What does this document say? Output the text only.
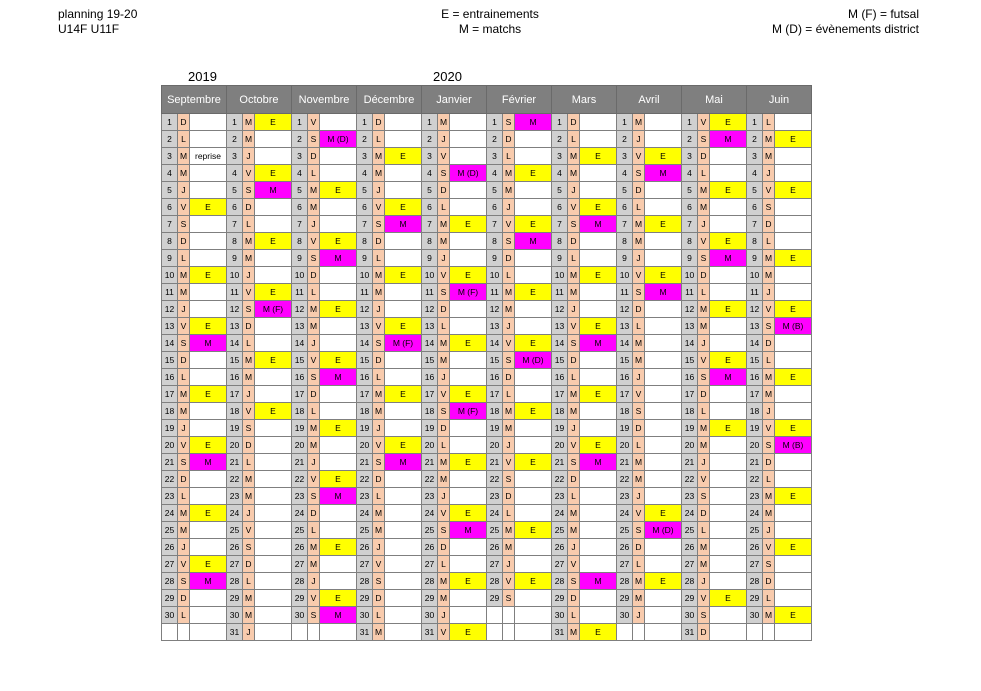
planning 19-20
U14F U11F
E = entrainements
M = matchs
M (F) = futsal
M (D) = évènements district
2019	2020
Septembre			Octobre			Novembre			Décembre			Janvier			Février			Mars			Avril			Mai			Juin		
1	D		1	M	E	1	V		1	D		1	M		1	S	M	1	D		1	M		1	V	E	1	L	
2	L		2	M		2	S	M (D)	2	L		2	J		2	D		2	L		2	J		2	S	M	2	M	E
3	M	reprise	3	J		3	D		3	M	E	3	V		3	L		3	M	E	3	V	E	3	D		3	M	
4	M		4	V	E	4	L		4	M		4	S	M (D)	4	M	E	4	M		4	S	M	4	L		4	J	
5	J		5	S	M	5	M	E	5	J		5	D		5	M		5	J		5	D		5	M	E	5	V	E
6	V	E	6	D		6	M		6	V	E	6	L		6	J		6	V	E	6	L		6	M		6	S	
7	S		7	L		7	J		7	S	M	7	M	E	7	V	E	7	S	M	7	M	E	7	J		7	D	
8	D		8	M	E	8	V	E	8	D		8	M		8	S	M	8	D		8	M		8	V	E	8	L	
9	L		9	M		9	S	M	9	L		9	J		9	D		9	L		9	J		9	S	M	9	M	E
10	M	E	10	J		10	D		10	M	E	10	V	E	10	L		10	M	E	10	V	E	10	D		10	M	
11	M		11	V	E	11	L		11	M		11	S	M (F)	11	M	E	11	M		11	S	M	11	L		11	J	
12	J		12	S	M (F)	12	M	E	12	J		12	D		12	M		12	J		12	D		12	M	E	12	V	E
13	V	E	13	D		13	M		13	V	E	13	L		13	J		13	V	E	13	L		13	M		13	S	M (B)
14	S	M	14	L		14	J		14	S	M (F)	14	M	E	14	V	E	14	S	M	14	M		14	J		14	D	
15	D		15	M	E	15	V	E	15	D		15	M		15	S	M (D)	15	D		15	M		15	V	E	15	L	
16	L		16	M		16	S	M	16	L		16	J		16	D		16	L		16	J		16	S	M	16	M	E
17	M	E	17	J		17	D		17	M	E	17	V	E	17	L		17	M	E	17	V		17	D		17	M	
18	M		18	V	E	18	L		18	M		18	S	M (F)	18	M	E	18	M		18	S		18	L		18	J	
19	J		19	S		19	M	E	19	J		19	D		19	M		19	J		19	D		19	M	E	19	V	E
20	V	E	20	D		20	M		20	V	E	20	L		20	J		20	V	E	20	L		20	M		20	S	M (B)
21	S	M	21	L		21	J		21	S	M	21	M	E	21	V	E	21	S	M	21	M		21	J		21	D	
22	D		22	M		22	V	E	22	D		22	M		22	S		22	D		22	M		22	V		22	L	
23	L		23	M		23	S	M	23	L		23	J		23	D		23	L		23	J		23	S		23	M	E
24	M	E	24	J		24	D		24	M		24	V	E	24	L		24	M		24	V	E	24	D		24	M	
25	M		25	V		25	L		25	M		25	S	M	25	M	E	25	M		25	S	M (D)	25	L		25	J	
26	J		26	S		26	M	E	26	J		26	D		26	M		26	J		26	D		26	M		26	V	E
27	V	E	27	D		27	M		27	V		27	L		27	J		27	V		27	L		27	M		27	S	
28	S	M	28	L		28	J		28	S		28	M	E	28	V	E	28	S	M	28	M	E	28	J		28	D	
29	D		29	M		29	V	E	29	D		29	M		29	S		29	D		29	M		29	V	E	29	L	
30	L		30	M		30	S	M	30	L		30	J					30	L		30	J		30	S		30	M	E
			31	J					31	M		31	V	E				31	M	E				31	D				
